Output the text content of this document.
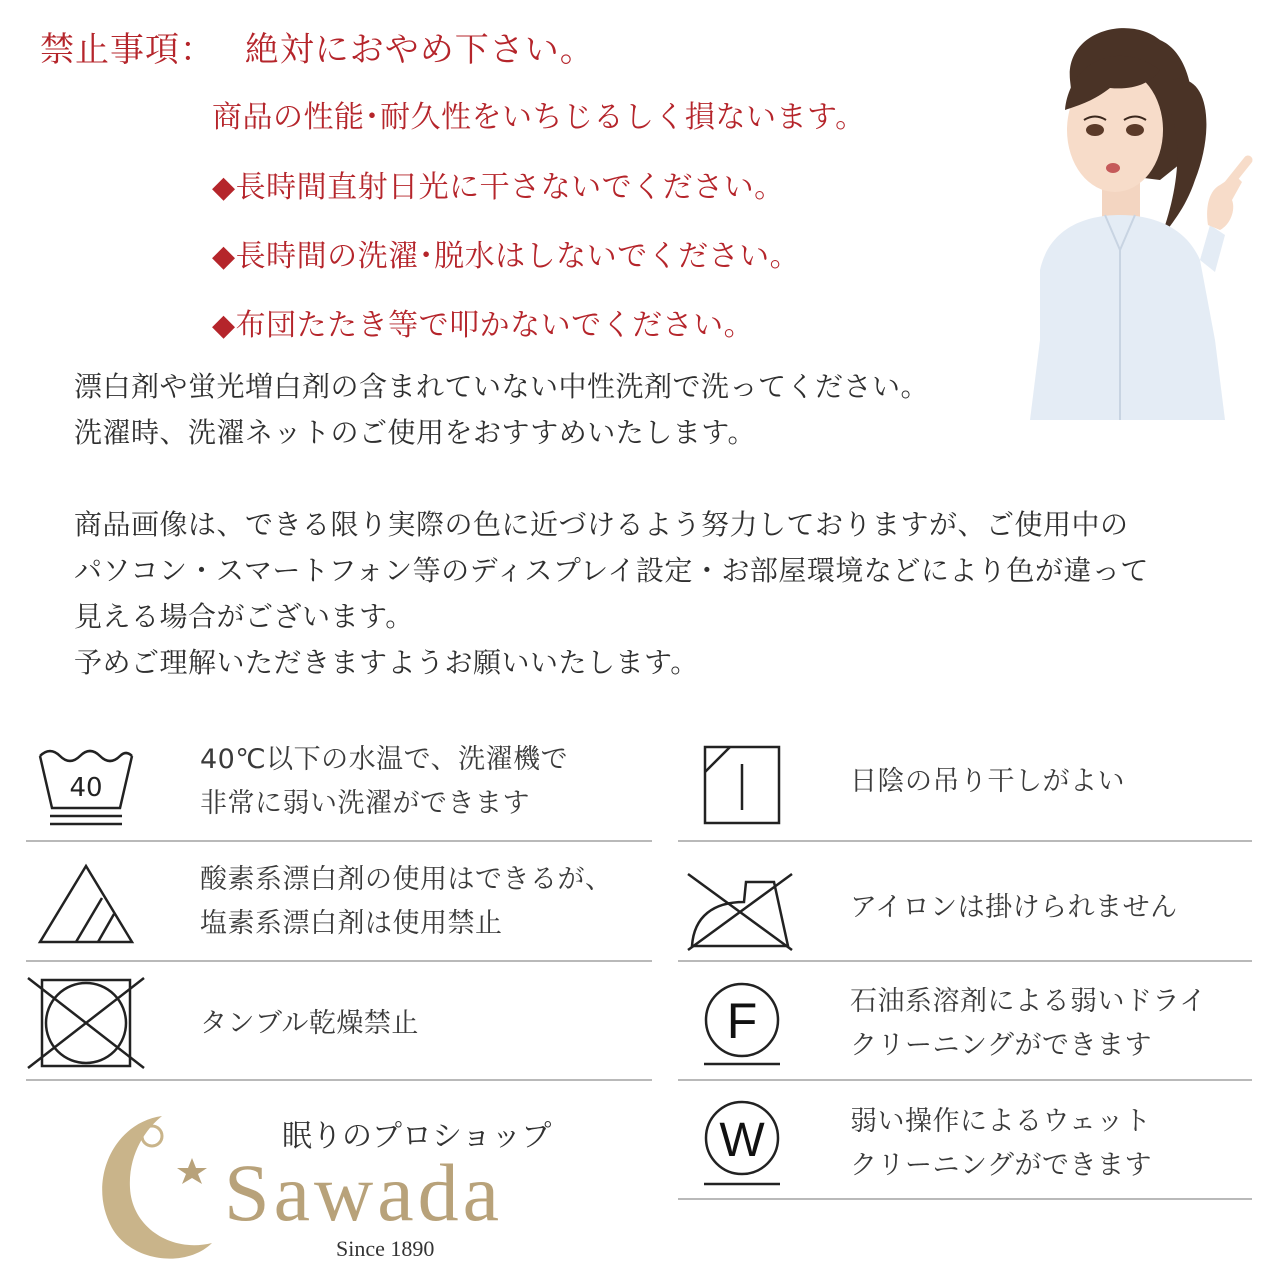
禁止事項：　 絶対におやめ下さい。
商品の性能･耐久性をいちじるしく損ないます。
◆長時間直射日光に干さないでください。
◆長時間の洗濯･脱水はしないでください。
◆布団たたき等で叩かないでください。
漂白剤や蛍光増白剤の含まれていない中性洗剤で洗ってください。
洗濯時、洗濯ネットのご使用をおすすめいたします。
商品画像は、できる限り実際の色に近づけるよう努力しておりますが、ご使用中の
パソコン・スマートフォン等のディスプレイ設定・お部屋環境などにより色が違って
見える場合がございます。
予めご理解いただきますようお願いいたします。
40
40℃以下の水温で、洗濯機で
非常に弱い洗濯ができます
酸素系漂白剤の使用はできるが、
塩素系漂白剤は使用禁止
タンブル乾燥禁止
日陰の吊り干しがよい
アイロンは掛けられません
F	石油系溶剤による弱いドライ
クリーニングができます
W	弱い操作によるウェット
クリーニングができます
眠りのプロショップ
Sawada
Since 1890
